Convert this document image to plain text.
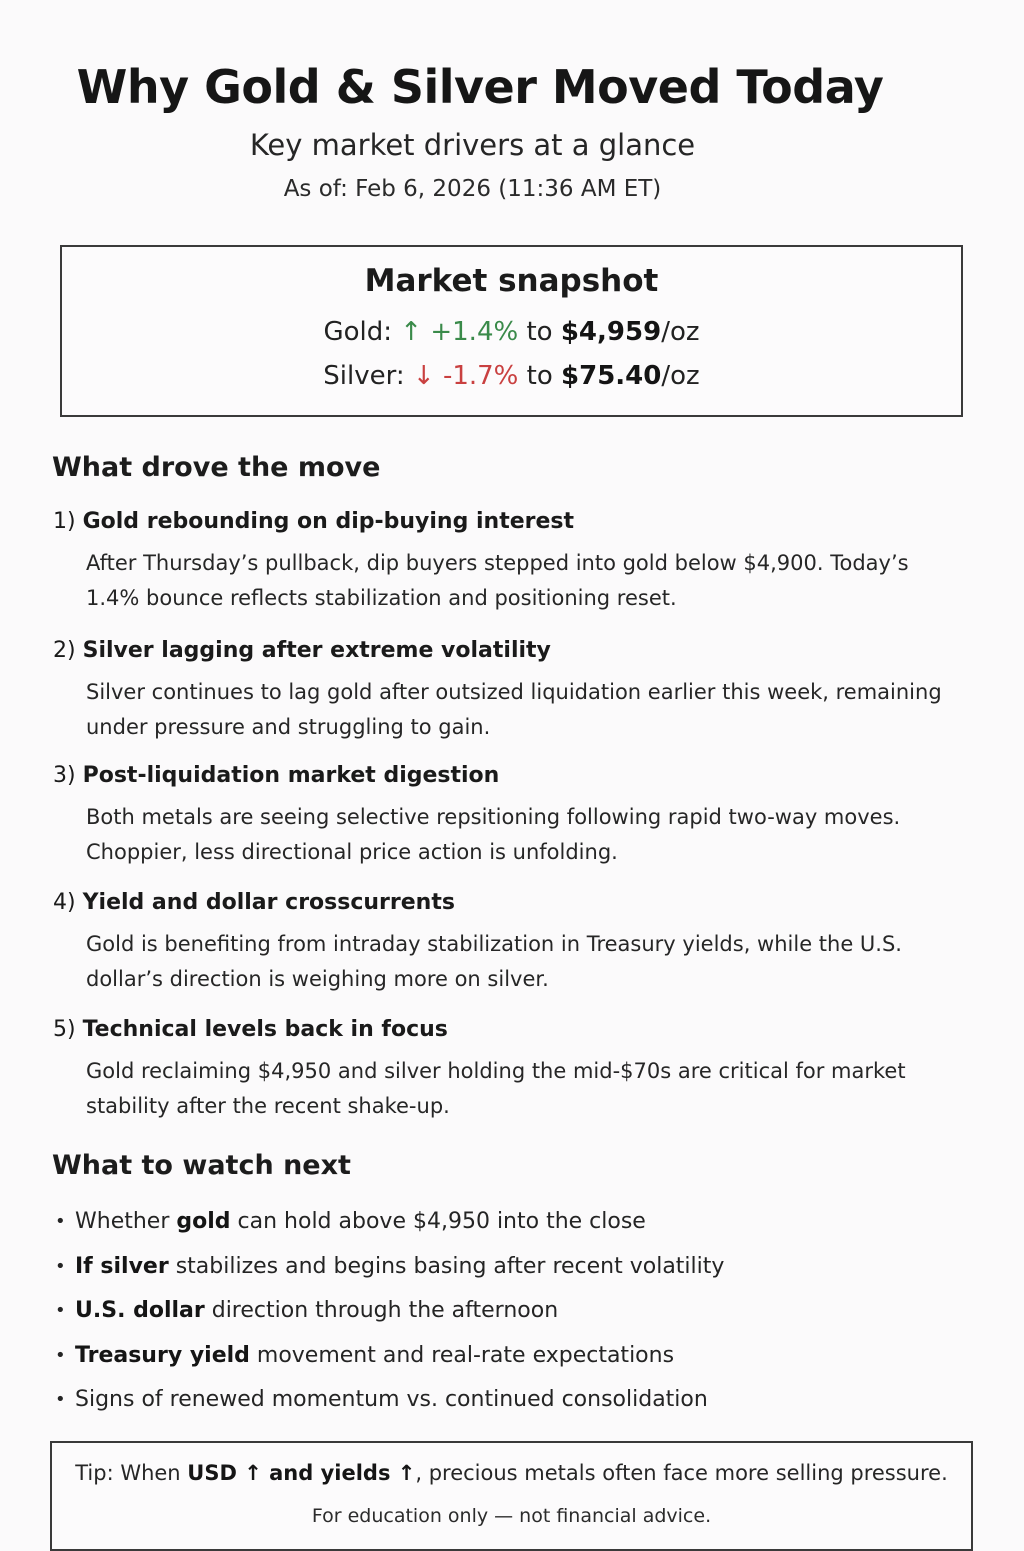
Why Gold & Silver Moved Today
Key market drivers at a glance
As of: Feb 6, 2026 (11:36 AM ET)
Market snapshot
Gold: ↑ +1.4% to $4,959/oz
Silver: ↓ -1.7% to $75.40/oz
What drove the move
1) Gold rebounding on dip-buying interest
After Thursday’s pullback, dip buyers stepped into gold below $4,900. Today’s 1.4% bounce reflects stabilization and positioning reset.
2) Silver lagging after extreme volatility
Silver continues to lag gold after outsized liquidation earlier this week, remaining under pressure and struggling to gain.
3) Post-liquidation market digestion
Both metals are seeing selective repsitioning following rapid two-way moves. Choppier, less directional price action is unfolding.
4) Yield and dollar crosscurrents
Gold is benefiting from intraday stabilization in Treasury yields, while the U.S. dollar’s direction is weighing more on silver.
5) Technical levels back in focus
Gold reclaiming $4,950 and silver holding the mid-$70s are critical for market stability after the recent shake-up.
What to watch next
• Whether gold can hold above $4,950 into the close
• If silver stabilizes and begins basing after recent volatility
• U.S. dollar direction through the afternoon
• Treasury yield movement and real-rate expectations
• Signs of renewed momentum vs. continued consolidation
Tip: When USD ↑ and yields ↑, precious metals often face more selling pressure.
For education only — not financial advice.
